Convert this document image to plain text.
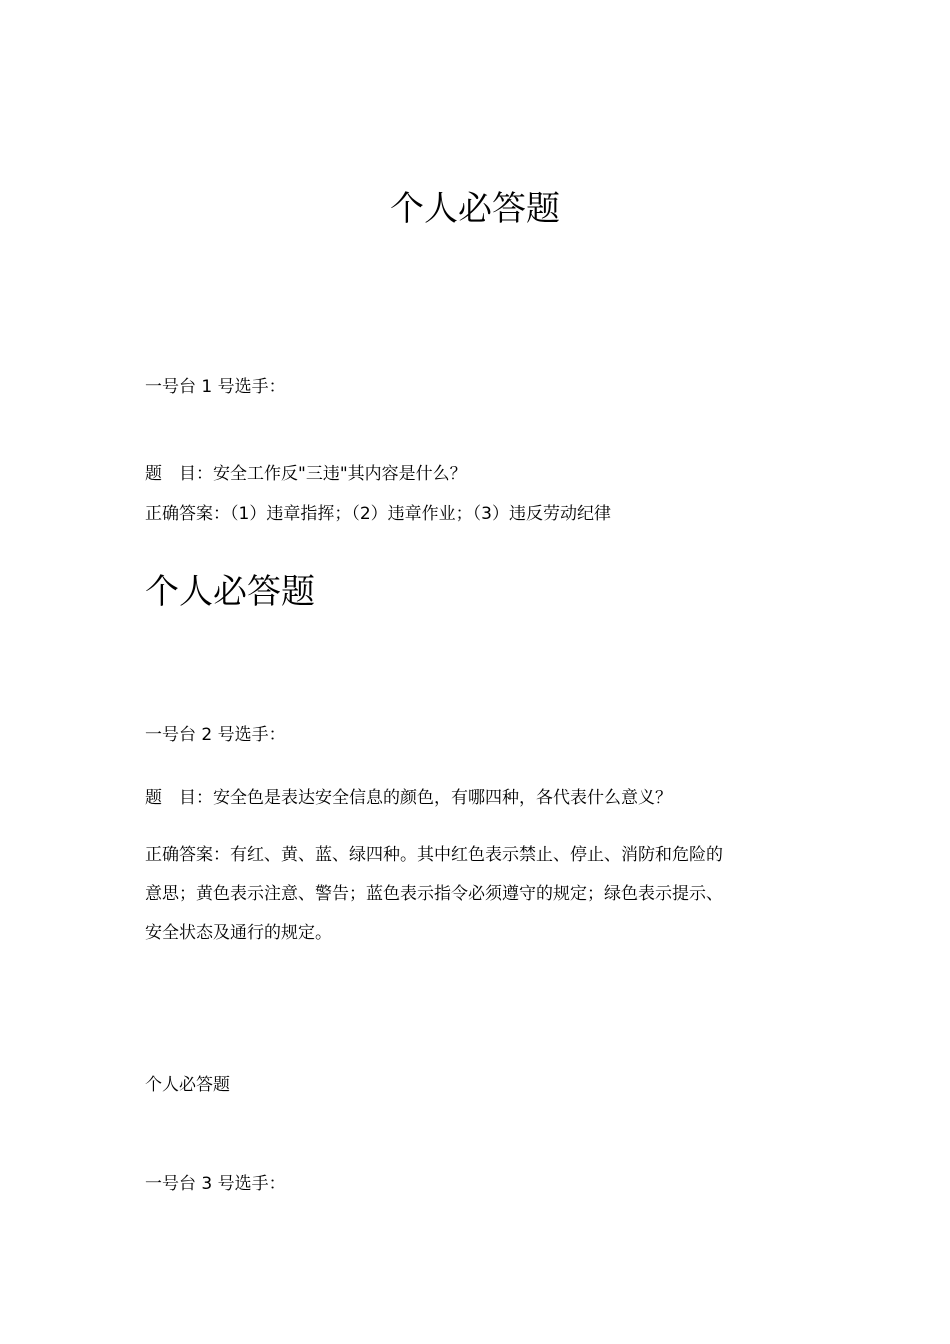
个人必答题
一号台 1 号选手：
题　目：安全工作反"三违"其内容是什么？
正确答案：（1）违章指挥；（2）违章作业；（3）违反劳动纪律
个人必答题
一号台 2 号选手：
题　目：安全色是表达安全信息的颜色，有哪四种，各代表什么意义？
正确答案：有红、黄、蓝、绿四种。其中红色表示禁止、停止、消防和危险的
意思；黄色表示注意、警告；蓝色表示指令必须遵守的规定；绿色表示提示、
安全状态及通行的规定。
个人必答题
一号台 3 号选手：
